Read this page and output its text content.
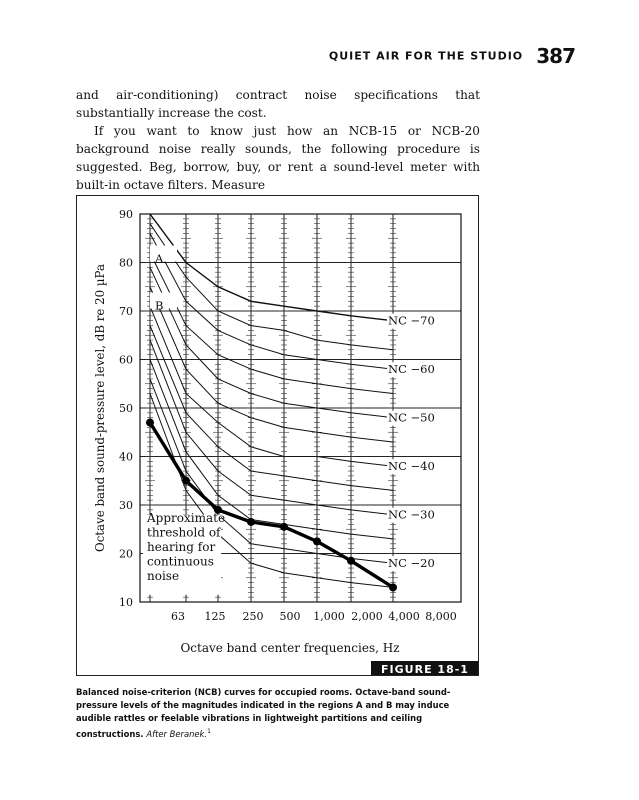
QUIET AIR FOR THE STUDIO 387

and air-conditioning) contract noise specifications that substantially increase the cost.

If you want to know just how an NCB-15 or NCB-20 background noise really sounds, the following procedure is suggested. Beg, borrow, buy, or rent a sound-level meter with built-in octave filters. Measure

90
80
70
60
50
40
30
20
10
63 125 250 500 1,000 2,000 4,000 8,000
NC −70
NC −60
NC −50
NC −40
NC −30
NC −20
A
B
Approximate
threshold of
hearing for
continuous
noise
Octave band sound-pressure level, dB re 20 µPa
Octave band center frequencies, Hz
FIGURE 18-1
Balanced noise-criterion (NCB) curves for occupied rooms. Octave-band sound-pressure levels of the magnitudes indicated in the regions A and B may induce audible rattles or feelable vibrations in lightweight partitions and ceiling constructions. After Beranek.$^1$
